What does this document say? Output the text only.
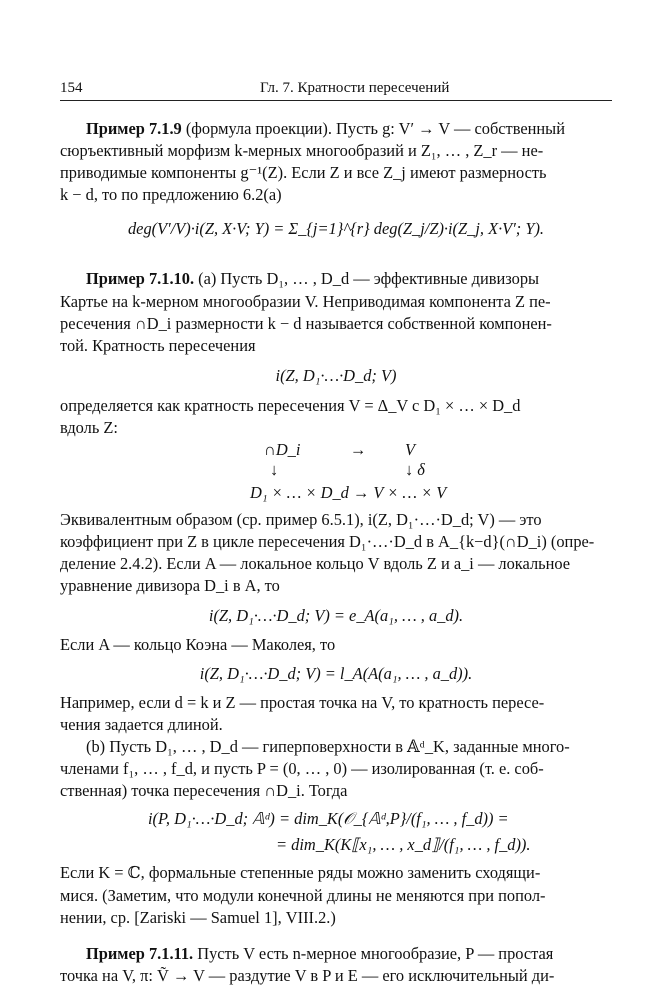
154	Гл. 7. Кратности пересечений

Пример 7.1.9 (формула проекции). Пусть g: V′ → V — собственный

сюръективный морфизм k-мерных многообразий и Z₁, … , Z_r — не-

приводимые компоненты g⁻¹(Z). Если Z и все Z_j имеют размерность

k − d, то по предложению 6.2(a)

deg(V′/V)·i(Z, X·V; Y) = Σ_{j=1}^{r} deg(Z_j/Z)·i(Z_j, X·V′; Y).

Пример 7.1.10. (a) Пусть D₁, … , D_d — эффективные дивизоры

Картье на k-мерном многообразии V. Неприводимая компонента Z пе-

ресечения ∩D_i размерности k − d называется собственной компонен-

той. Кратность пересечения

i(Z, D₁·…·D_d; V)

определяется как кратность пересечения V = Δ_V с D₁ × … × D_d

вдоль Z:

∩D_i	→ V
↓	↓ δ
D₁ × … × D_d → V × … × V

Эквивалентным образом (ср. пример 6.5.1), i(Z, D₁·…·D_d; V) — это

коэффициент при Z в цикле пересечения D₁·…·D_d в A_{k−d}(∩D_i) (опре-

деление 2.4.2). Если A — локальное кольцо V вдоль Z и a_i — локальное

уравнение дивизора D_i в A, то

i(Z, D₁·…·D_d; V) = e_A(a₁, … , a_d).

Если A — кольцо Коэна — Маколея, то

i(Z, D₁·…·D_d; V) = l_A(A(a₁, … , a_d)).

Например, если d = k и Z — простая точка на V, то кратность пересе-

чения задается длиной.

(b) Пусть D₁, … , D_d — гиперповерхности в 𝔸ᵈ_K, заданные много-

членами f₁, … , f_d, и пусть P = (0, … , 0) — изолированная (т. е. соб-

ственная) точка пересечения ∩D_i. Тогда

i(P, D₁·…·D_d; 𝔸ᵈ) = dim_K(𝒪_{𝔸ᵈ,P}/(f₁, … , f_d)) =
= dim_K(K⟦x₁, … , x_d⟧/(f₁, … , f_d)).

Если K = ℂ, формальные степенные ряды можно заменить сходящи-

мися. (Заметим, что модули конечной длины не меняются при попол-

нении, ср. [Zariski — Samuel 1], VIII.2.)

Пример 7.1.11. Пусть V есть n-мерное многообразие, P — простая

точка на V, π: Ṽ → V — раздутие V в P и E — его исключительный ди-
